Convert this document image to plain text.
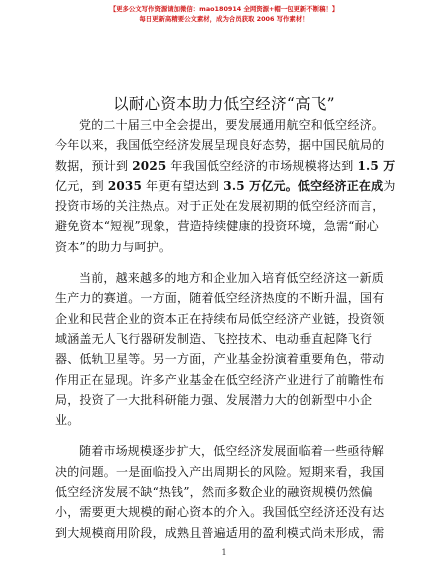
【更多公文写作资源请加微信：mao180914 全网资源+帽一包更新不断稿！】
每日更新高精要公文素材，成为合员获取 2006 写作素材！
以耐心资本助力低空经济“高飞”
党的二十届三中全会提出，要发展通用航空和低空经济。
今年以来，我国低空经济发展呈现良好态势，据中国民航局的
数据，预计到 2025 年我国低空经济的市场规模将达到 1.5 万
亿元，到 2035 年更有望达到 3.5 万亿元。低空经济正在成为
投资市场的关注热点。对于正处在发展初期的低空经济而言，
避免资本“短视”现象，营造持续健康的投资环境，急需“耐心
资本”的助力与呵护。
当前，越来越多的地方和企业加入培育低空经济这一新质
生产力的赛道。一方面，随着低空经济热度的不断升温，国有
企业和民营企业的资本正在持续布局低空经济产业链，投资领
域涵盖无人飞行器研发制造、飞控技术、电动垂直起降飞行
器、低轨卫星等。另一方面，产业基金扮演着重要角色，带动
作用正在显现。许多产业基金在低空经济产业进行了前瞻性布
局，投资了一大批科研能力强、发展潜力大的创新型中小企
业。
随着市场规模逐步扩大，低空经济发展面临着一些亟待解
决的问题。一是面临投入产出周期长的风险。短期来看，我国
低空经济发展不缺“热钱”，然而多数企业的融资规模仍然偏
小，需要更大规模的耐心资本的介入。我国低空经济还没有达
到大规模商用阶段，成熟且普遍适用的盈利模式尚未形成，需
1
